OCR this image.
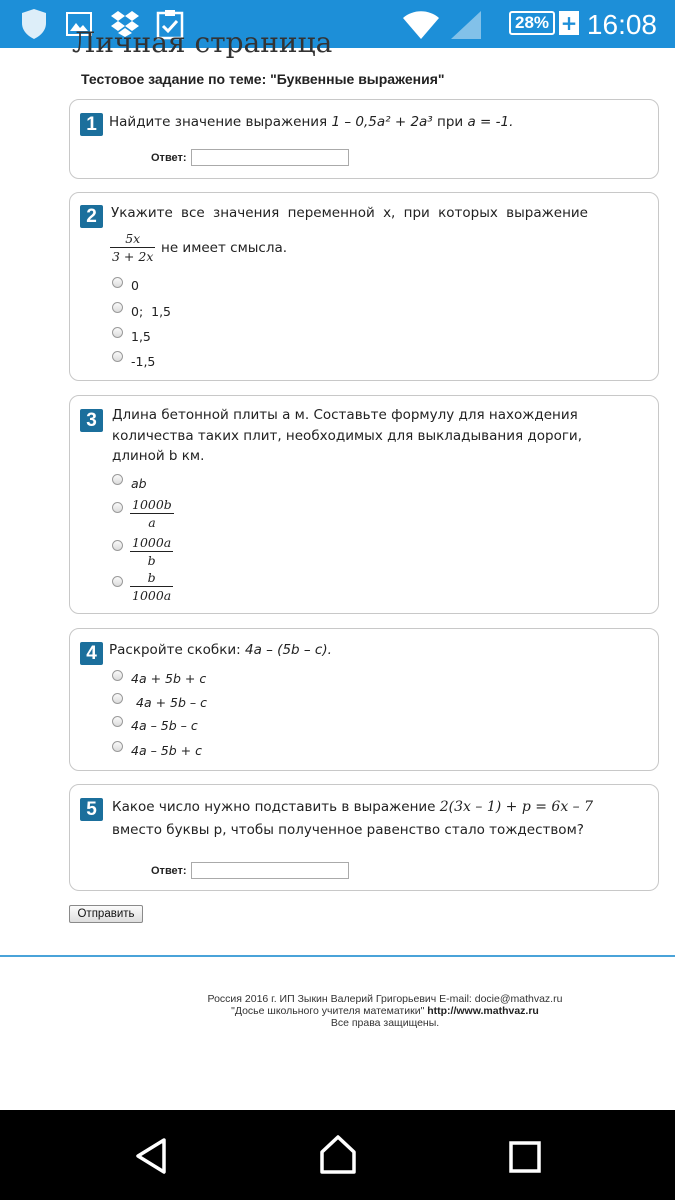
28% + 16:08
Личная страница
Тестовое задание по теме: "Буквенные выражения"
1 Найдите значение выражения 1 – 0,5a² + 2a³ при a = -1.
Ответ:
2	Укажите все значения переменной x, при которых выражение
5x
3 + 2x
не имеет смысла.
0
0;  1,5
1,5
-1,5
3	Длина бетонной плиты a м. Составьте формулу для нахождения
количества таких плит, необходимых для выкладывания дороги,
длиной b км.
ab
1000b
a
1000a
b
b
1000a
4 Раскройте скобки: 4a – (5b – c).
4a + 5b + c
4a + 5b – c
4a – 5b – c
4a – 5b + c
5	Какое число нужно подставить в выражение 2(3x – 1) + p = 6x – 7
вместо буквы p, чтобы полученное равенство стало тождеством?
Ответ:
Отправить
Россия 2016 г. ИП Зыкин Валерий Григорьевич E-mail: docie@mathvaz.ru
"Досье школьного учителя математики" http://www.mathvaz.ru
Все права защищены.
